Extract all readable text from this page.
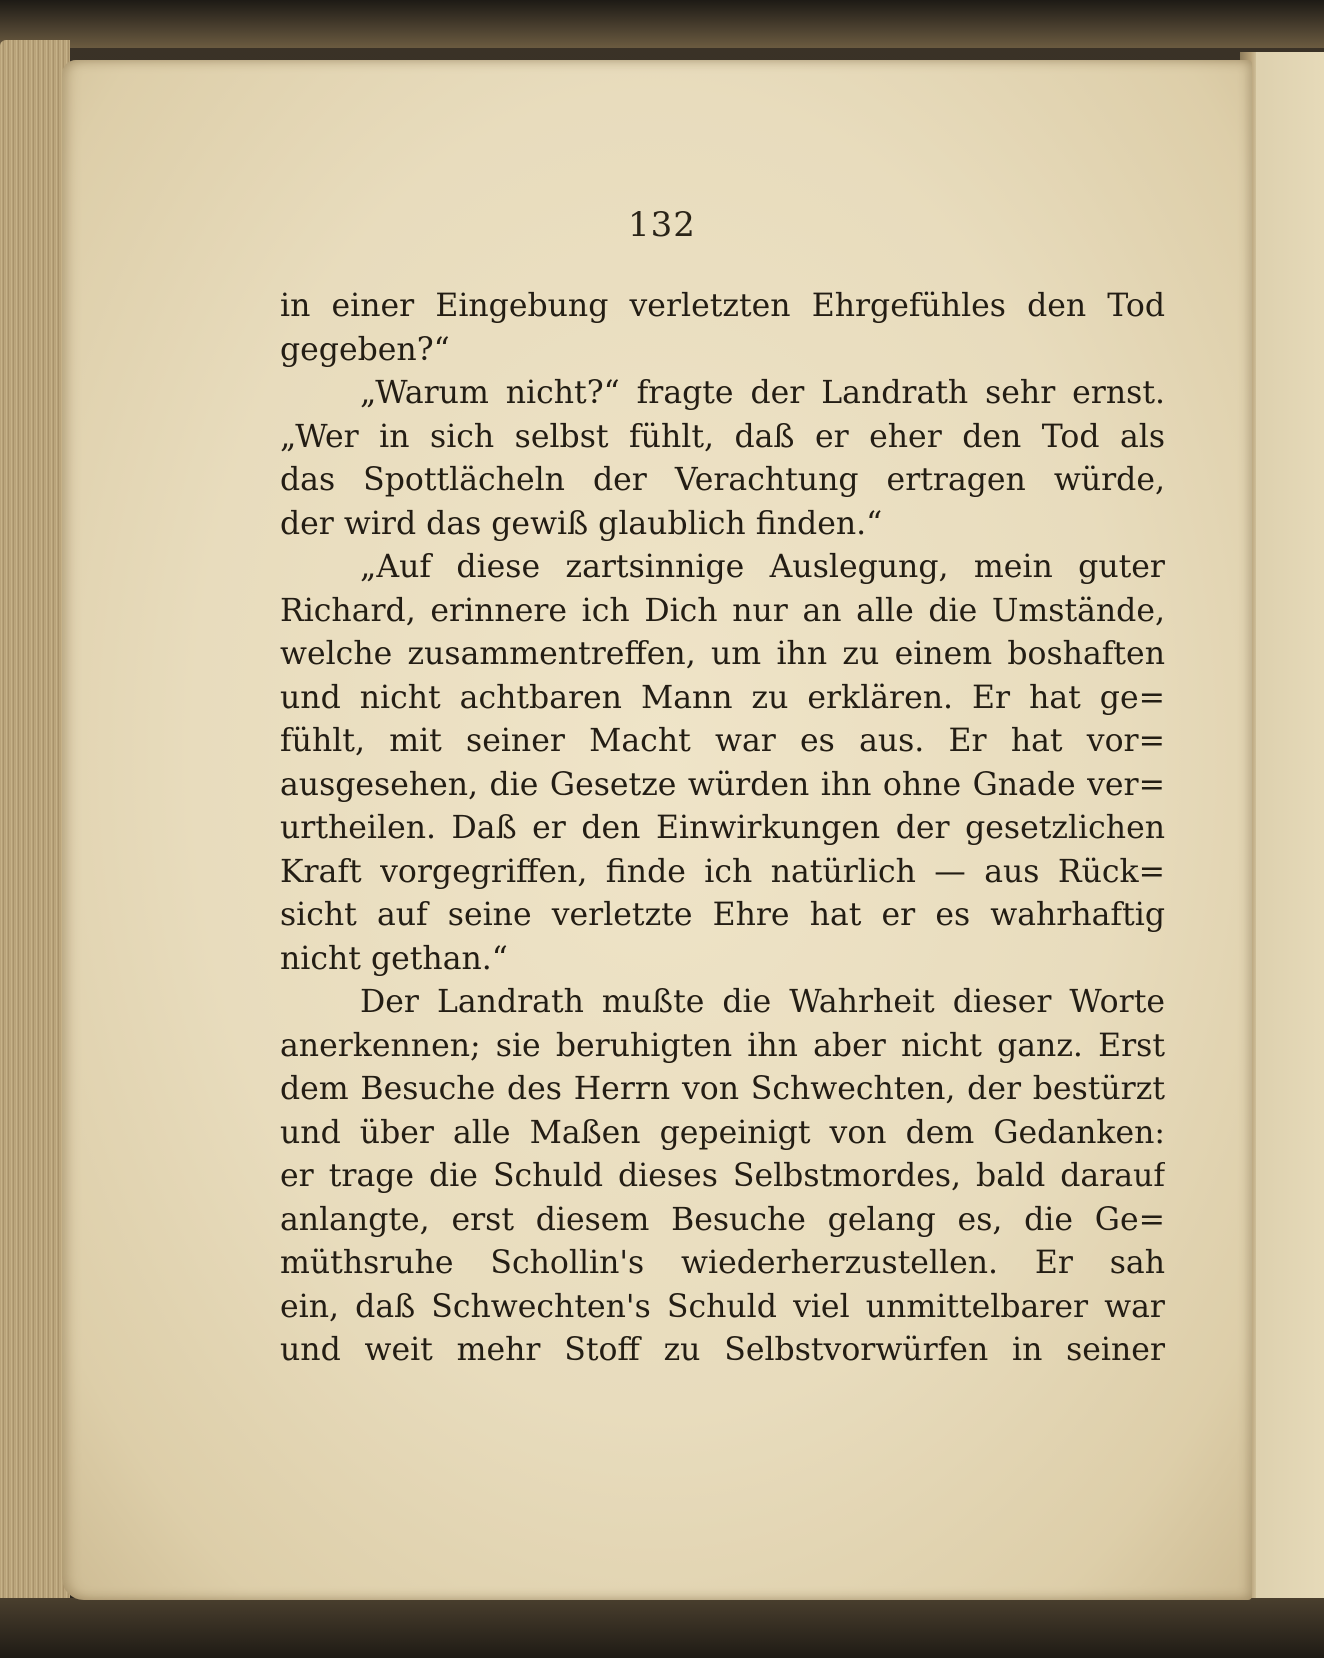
132
in einer Eingebung verletzten Ehrgefühles den Tod
gegeben?“
„Warum nicht?“ fragte der Landrath sehr ernst.
„Wer in sich selbst fühlt, daß er eher den Tod als
das Spottlächeln der Verachtung ertragen würde,
der wird das gewiß glaublich finden.“
„Auf diese zartsinnige Auslegung, mein guter
Richard, erinnere ich Dich nur an alle die Umstände,
welche zusammentreffen, um ihn zu einem boshaften
und nicht achtbaren Mann zu erklären. Er hat ge=
fühlt, mit seiner Macht war es aus. Er hat vor=
ausgesehen, die Gesetze würden ihn ohne Gnade ver=
urtheilen. Daß er den Einwirkungen der gesetzlichen
Kraft vorgegriffen, finde ich natürlich — aus Rück=
sicht auf seine verletzte Ehre hat er es wahrhaftig
nicht gethan.“
Der Landrath mußte die Wahrheit dieser Worte
anerkennen; sie beruhigten ihn aber nicht ganz. Erst
dem Besuche des Herrn von Schwechten, der bestürzt
und über alle Maßen gepeinigt von dem Gedanken:
er trage die Schuld dieses Selbstmordes, bald darauf
anlangte, erst diesem Besuche gelang es, die Ge=
müthsruhe Schollin's wiederherzustellen. Er sah
ein, daß Schwechten's Schuld viel unmittelbarer war
und weit mehr Stoff zu Selbstvorwürfen in seiner
